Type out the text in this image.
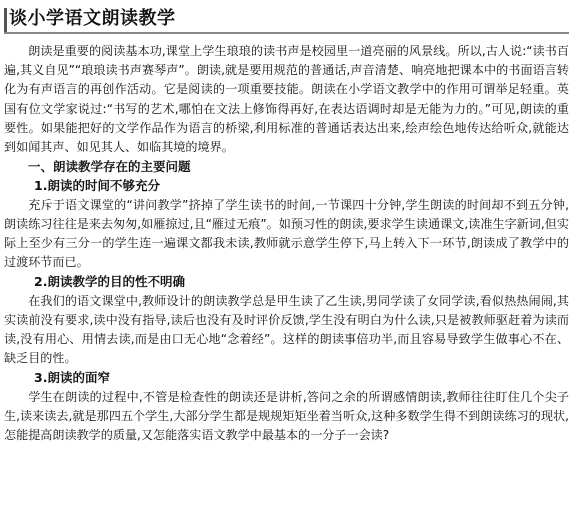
谈小学语文朗读教学

朗读是重要的阅读基本功,课堂上学生琅琅的读书声是校园里一道亮丽的风景线。所以,古人说:“读书百遍,其义自见”“琅琅读书声赛琴声”。朗读,就是要用规范的普通话,声音清楚、响亮地把课本中的书面语言转化为有声语言的再创作活动。它是阅读的一项重要技能。朗读在小学语文教学中的作用可谓举足轻重。英国有位文学家说过:“书写的艺术,哪怕在文法上修饰得再好,在表达语调时却是无能为力的。”可见,朗读的重要性。如果能把好的文学作品作为语言的桥梁,利用标准的普通话表达出来,绘声绘色地传达给听众,就能达到如闻其声、如见其人、如临其境的境界。

一、朗读教学存在的主要问题
1.朗读的时间不够充分

充斥于语文课堂的“讲问教学”挤掉了学生读书的时间,一节课四十分钟,学生朗读的时间却不到五分钟,朗读练习往往是来去匆匆,如雁掠过,且“雁过无痕”。如预习性的朗读,要求学生读通课文,读准生字新词,但实际上至少有三分一的学生连一遍课文都我未读,教师就示意学生停下,马上转入下一环节,朗读成了教学中的过渡环节而已。

2.朗读教学的目的性不明确

在我们的语文课堂中,教师设计的朗读教学总是甲生读了乙生读,男同学读了女同学读,看似热热闹闹,其实读前没有要求,读中没有指导,读后也没有及时评价反馈,学生没有明白为什么读,只是被教师驱赶着为读而读,没有用心、用情去读,而是由口无心地“念着经”。这样的朗读事倍功半,而且容易导致学生做事心不在、缺乏目的性。

3.朗读的面窄

学生在朗读的过程中,不管是检查性的朗读还是讲析,答问之余的所谓感情朗读,教师往往盯住几个尖子生,读来读去,就是那四五个学生,大部分学生都是规规矩矩坐着当听众,这种多数学生得不到朗读练习的现状,怎能提高朗读教学的质量,又怎能落实语文教学中最基本的一分子一会读?
